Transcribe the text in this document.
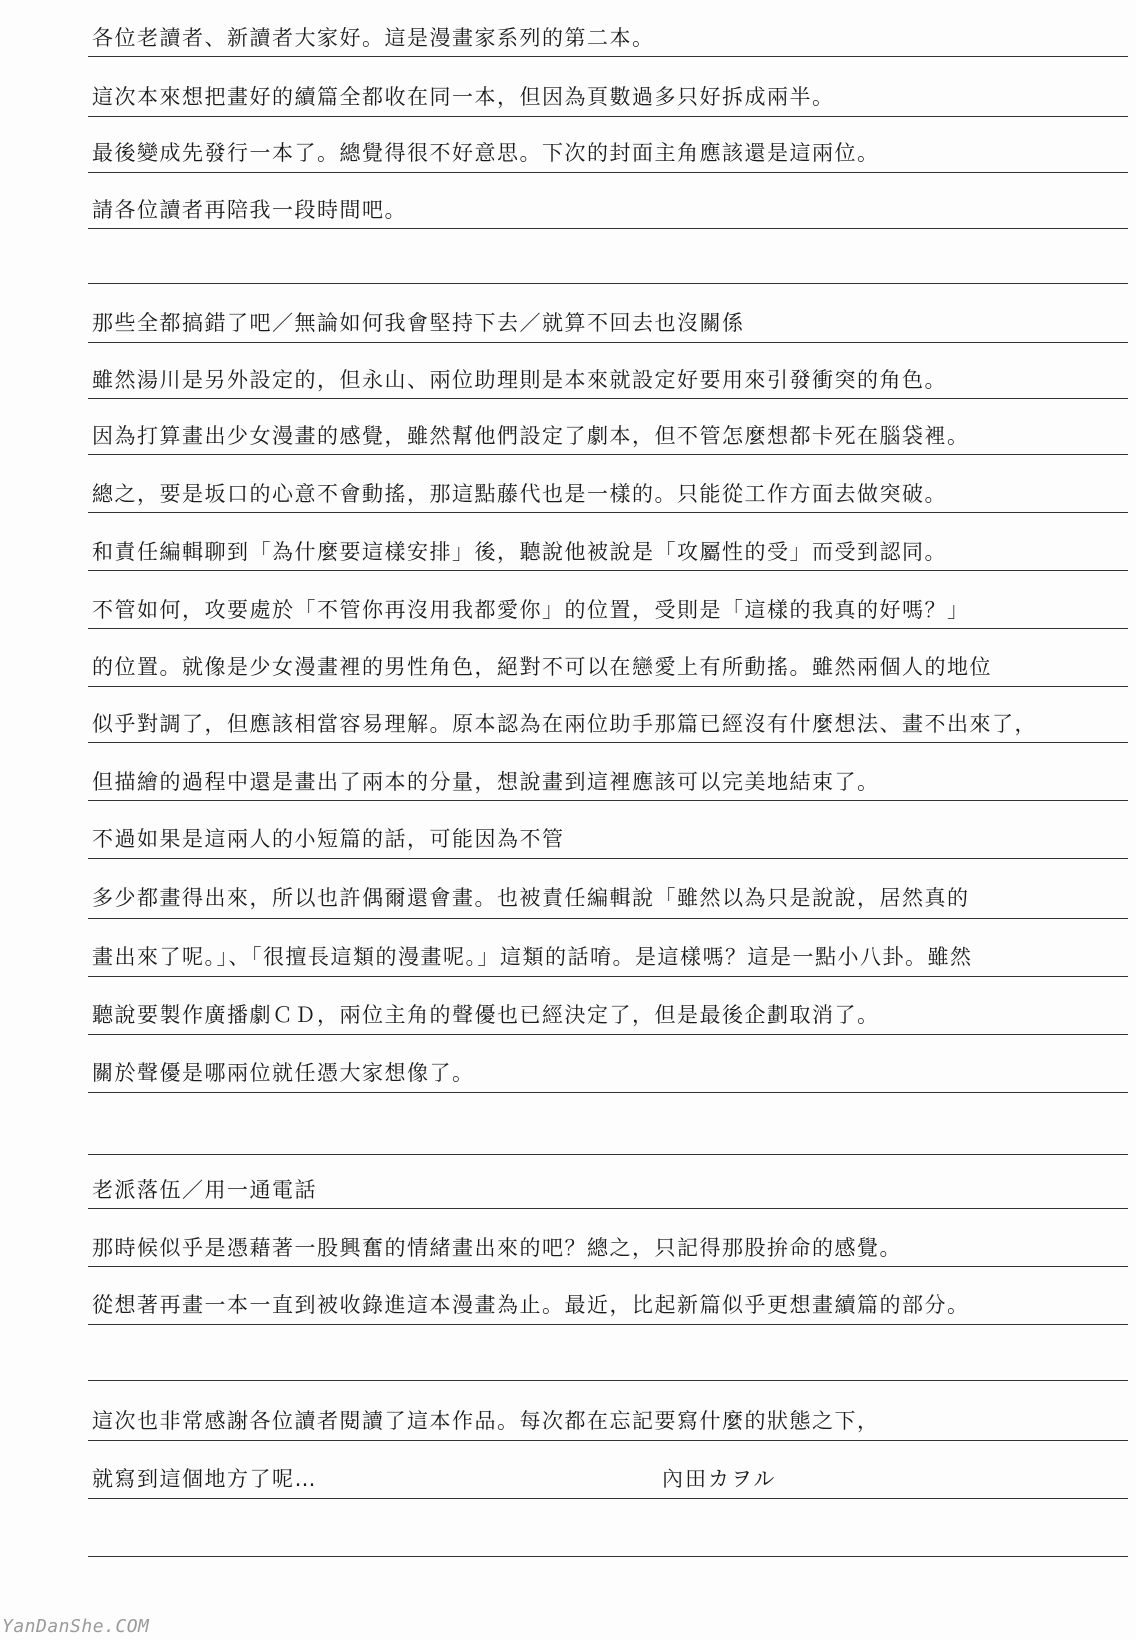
各位老讀者、新讀者大家好。這是漫畫家系列的第二本。
這次本來想把畫好的續篇全都收在同一本，但因為頁數過多只好拆成兩半。
最後變成先發行一本了。總覺得很不好意思。下次的封面主角應該還是這兩位。
請各位讀者再陪我一段時間吧。
那些全都搞錯了吧／無論如何我會堅持下去／就算不回去也沒關係
雖然湯川是另外設定的，但永山、兩位助理則是本來就設定好要用來引發衝突的角色。
因為打算畫出少女漫畫的感覺，雖然幫他們設定了劇本，但不管怎麼想都卡死在腦袋裡。
總之，要是坂口的心意不會動搖，那這點藤代也是一樣的。只能從工作方面去做突破。
和責任編輯聊到「為什麼要這樣安排」後，聽說他被說是「攻屬性的受」而受到認同。
不管如何，攻要處於「不管你再沒用我都愛你」的位置，受則是「這樣的我真的好嗎？」
的位置。就像是少女漫畫裡的男性角色，絕對不可以在戀愛上有所動搖。雖然兩個人的地位
似乎對調了，但應該相當容易理解。原本認為在兩位助手那篇已經沒有什麼想法、畫不出來了，
但描繪的過程中還是畫出了兩本的分量，想說畫到這裡應該可以完美地結束了。
不過如果是這兩人的小短篇的話，可能因為不管
多少都畫得出來，所以也許偶爾還會畫。也被責任編輯說「雖然以為只是說說，居然真的
畫出來了呢。」、「很擅長這類的漫畫呢。」這類的話唷。是這樣嗎？這是一點小八卦。雖然
聽說要製作廣播劇ＣＤ，兩位主角的聲優也已經決定了，但是最後企劃取消了。
關於聲優是哪兩位就任憑大家想像了。
老派落伍／用一通電話
那時候似乎是憑藉著一股興奮的情緒畫出來的吧？總之，只記得那股拚命的感覺。
從想著再畫一本一直到被收錄進這本漫畫為止。最近，比起新篇似乎更想畫續篇的部分。
這次也非常感謝各位讀者閱讀了這本作品。每次都在忘記要寫什麼的狀態之下，
就寫到這個地方了呢…	內田カヲル
YanDanShe.COM
